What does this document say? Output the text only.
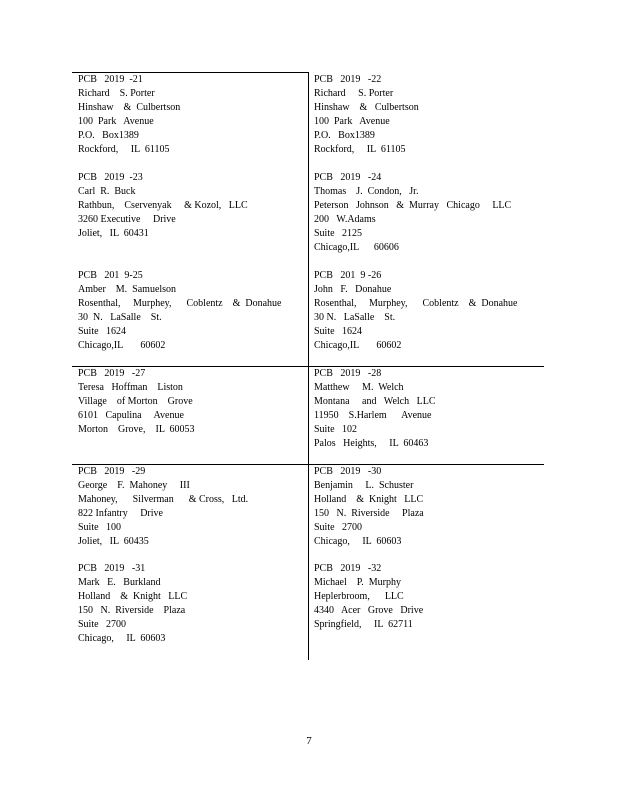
PCB   2019  -21
Richard    S. Porter
Hinshaw    &  Culbertson
100  Park   Avenue
P.O.   Box1389
Rockford,     IL  61105
PCB   2019   -22
Richard     S. Porter
Hinshaw    &   Culbertson
100  Park   Avenue
P.O.   Box1389
Rockford,     IL  61105
PCB   2019  -23
Carl  R.  Buck
Rathbun,    Cservenyak     & Kozol,   LLC
3260 Executive     Drive
Joliet,   IL  60431
PCB   2019   -24
Thomas    J.  Condon,   Jr.
Peterson   Johnson   &  Murray   Chicago     LLC
200   W.Adams
Suite   2125
Chicago,IL      60606
PCB   201  9-25
Amber    M.  Samuelson
Rosenthal,     Murphey,      Coblentz    &  Donahue
30  N.   LaSalle    St.
Suite   1624
Chicago,IL       60602
PCB   201  9 -26
John   F.   Donahue
Rosenthal,     Murphey,      Coblentz    &  Donahue
30 N.   LaSalle    St.
Suite   1624
Chicago,IL       60602
PCB   2019   -27
Teresa   Hoffman    Liston
Village    of Morton    Grove
6101   Capulina     Avenue
Morton    Grove,    IL  60053
PCB   2019   -28
Matthew     M.  Welch
Montana     and   Welch   LLC
11950    S.Harlem      Avenue
Suite   102
Palos   Heights,     IL  60463
PCB   2019   -29
George    F.  Mahoney     III
Mahoney,      Silverman      & Cross,   Ltd.
822 Infantry     Drive
Suite   100
Joliet,   IL  60435
PCB   2019   -30
Benjamin     L.  Schuster
Holland    &  Knight   LLC
150   N.  Riverside     Plaza
Suite   2700
Chicago,     IL  60603
PCB   2019   -31
Mark   E.   Burkland
Holland    &  Knight   LLC
150   N.  Riverside    Plaza
Suite   2700
Chicago,     IL  60603
PCB   2019   -32
Michael    P.  Murphy
Heplerbroom,      LLC
4340   Acer   Grove   Drive
Springfield,     IL  62711
7
